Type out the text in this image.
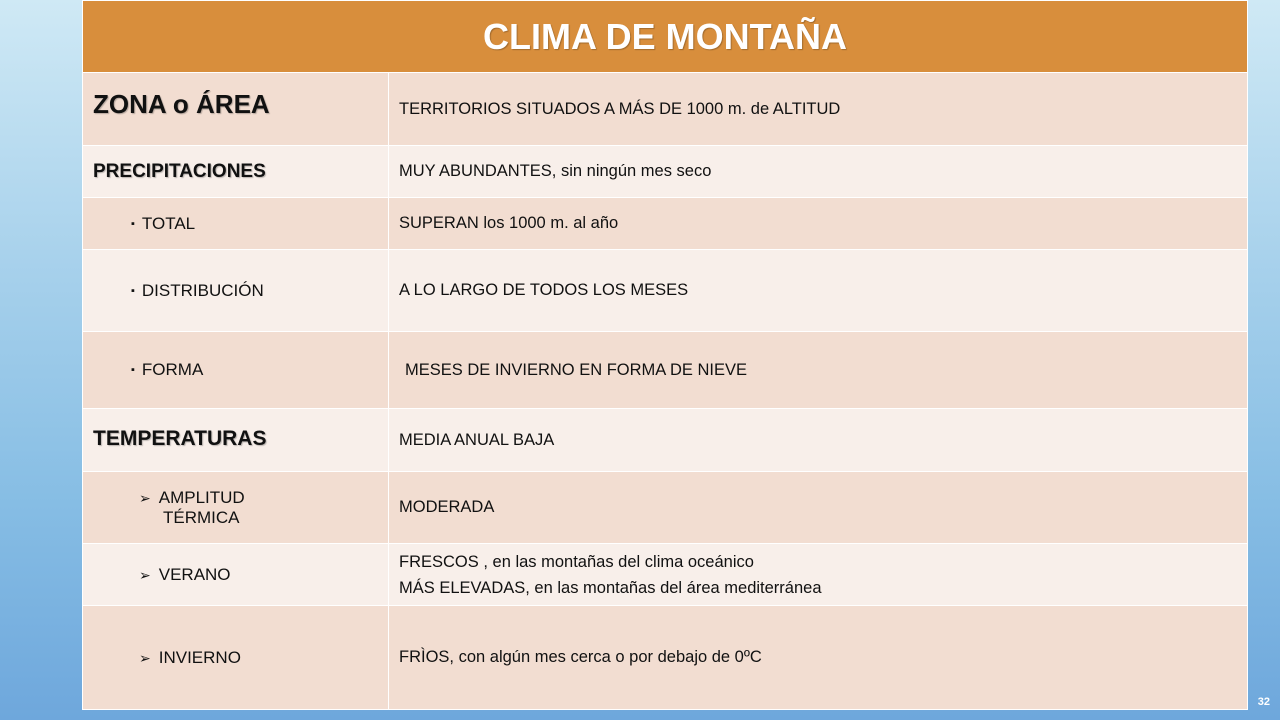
CLIMA DE MONTAÑA	
ZONA o ÁREA	TERRITORIOS SITUADOS A MÁS DE 1000 m. de ALTITUD
PRECIPITACIONES	MUY ABUNDANTES, sin ningún mes seco
▪ TOTAL	SUPERAN los 1000 m. al año
▪ DISTRIBUCIÓN	A LO LARGO DE TODOS LOS MESES
▪ FORMA	MESES DE INVIERNO EN FORMA DE NIEVE
TEMPERATURAS	MEDIA ANUAL BAJA
➢ AMPLITUD
TÉRMICA	MODERADA
➢ VERANO	FRESCOS , en las montañas del clima oceánico
MÁS ELEVADAS, en las montañas del área mediterránea

➢ INVIERNO	FRÌOS, con algún mes cerca o por debajo de 0ºC
32
